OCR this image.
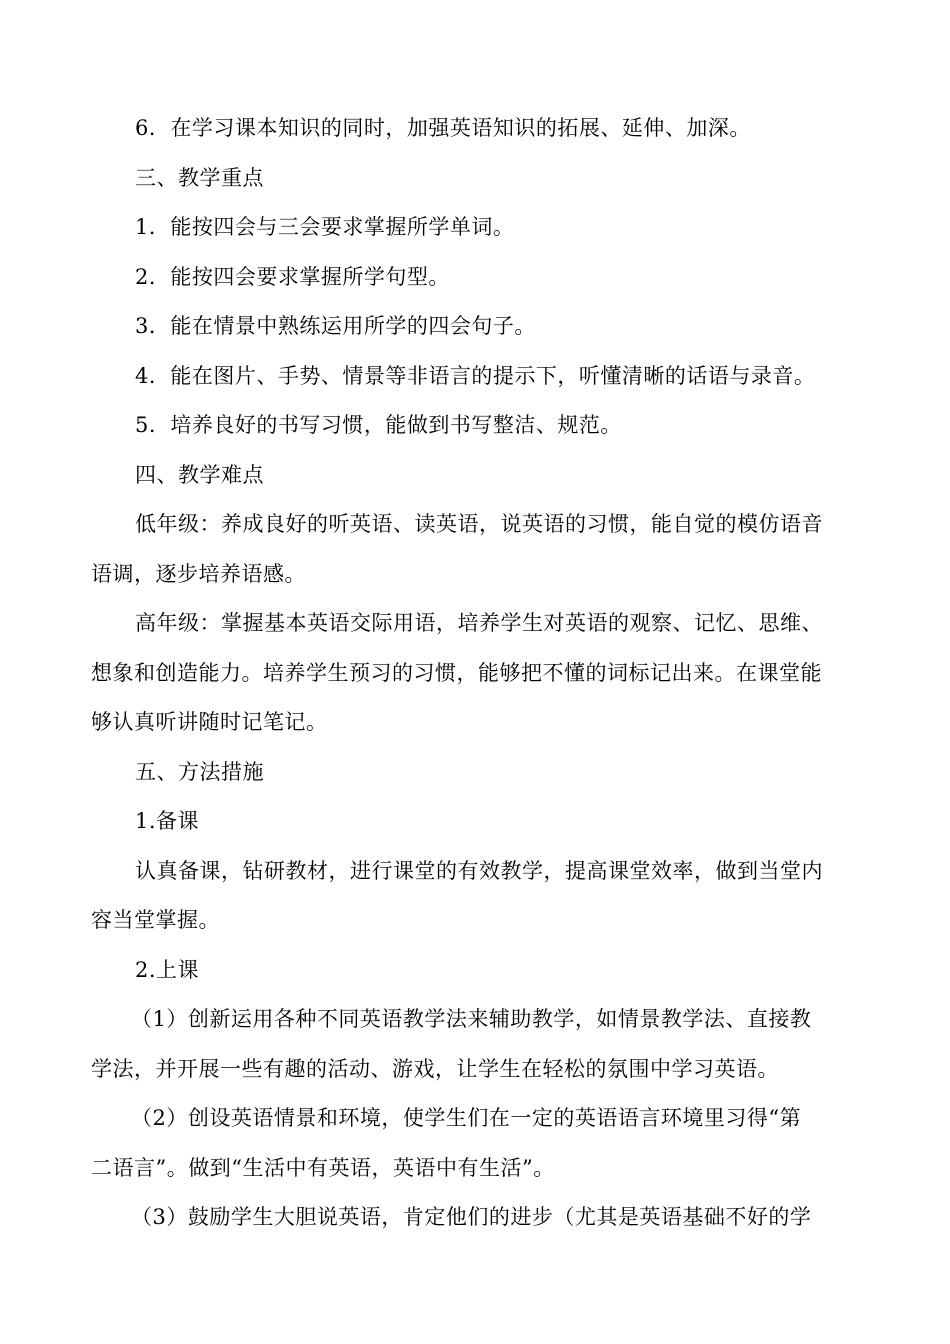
6．在学习课本知识的同时，加强英语知识的拓展、延伸、加深。

三、教学重点

1．能按四会与三会要求掌握所学单词。

2．能按四会要求掌握所学句型。

3．能在情景中熟练运用所学的四会句子。

4．能在图片、手势、情景等非语言的提示下，听懂清晰的话语与录音。

5．培养良好的书写习惯，能做到书写整洁、规范。

四、教学难点

低年级：养成良好的听英语、读英语，说英语的习惯，能自觉的模仿语音
语调，逐步培养语感。

高年级：掌握基本英语交际用语，培养学生对英语的观察、记忆、思维、
想象和创造能力。培养学生预习的习惯，能够把不懂的词标记出来。在课堂能
够认真听讲随时记笔记。

五、方法措施

1.备课

认真备课，钻研教材，进行课堂的有效教学，提高课堂效率，做到当堂内
容当堂掌握。

2.上课

（1）创新运用各种不同英语教学法来辅助教学，如情景教学法、直接教
学法，并开展一些有趣的活动、游戏，让学生在轻松的氛围中学习英语。

（2）创设英语情景和环境，使学生们在一定的英语语言环境里习得“第
二语言”。做到“生活中有英语，英语中有生活”。

（3）鼓励学生大胆说英语，肯定他们的进步（尤其是英语基础不好的学
